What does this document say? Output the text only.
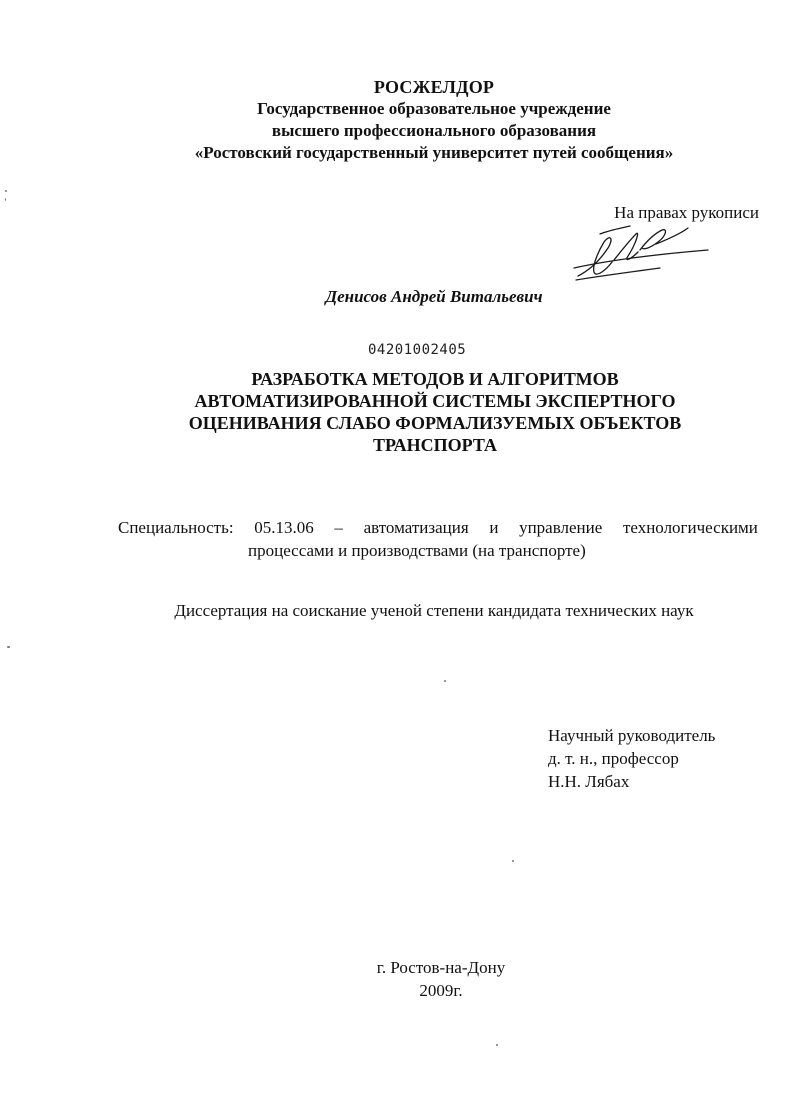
РОСЖЕЛДОР
Государственное образовательное учреждение
высшего профессионального образования
«Ростовский государственный университет путей сообщения»
На правах рукописи
Денисов Андрей Витальевич
04201002405
РАЗРАБОТКА МЕТОДОВ И АЛГОРИТМОВ
АВТОМАТИЗИРОВАННОЙ СИСТЕМЫ ЭКСПЕРТНОГО
ОЦЕНИВАНИЯ СЛАБО ФОРМАЛИЗУЕМЫХ ОБЪЕКТОВ
ТРАНСПОРТА
Специальность: 05.13.06 – автоматизация и управление технологическими
процессами и производствами (на транспорте)
Диссертация на соискание ученой степени кандидата технических наук
Научный руководитель
д. т. н., профессор
Н.Н. Лябах
г. Ростов-на-Дону
2009г.
